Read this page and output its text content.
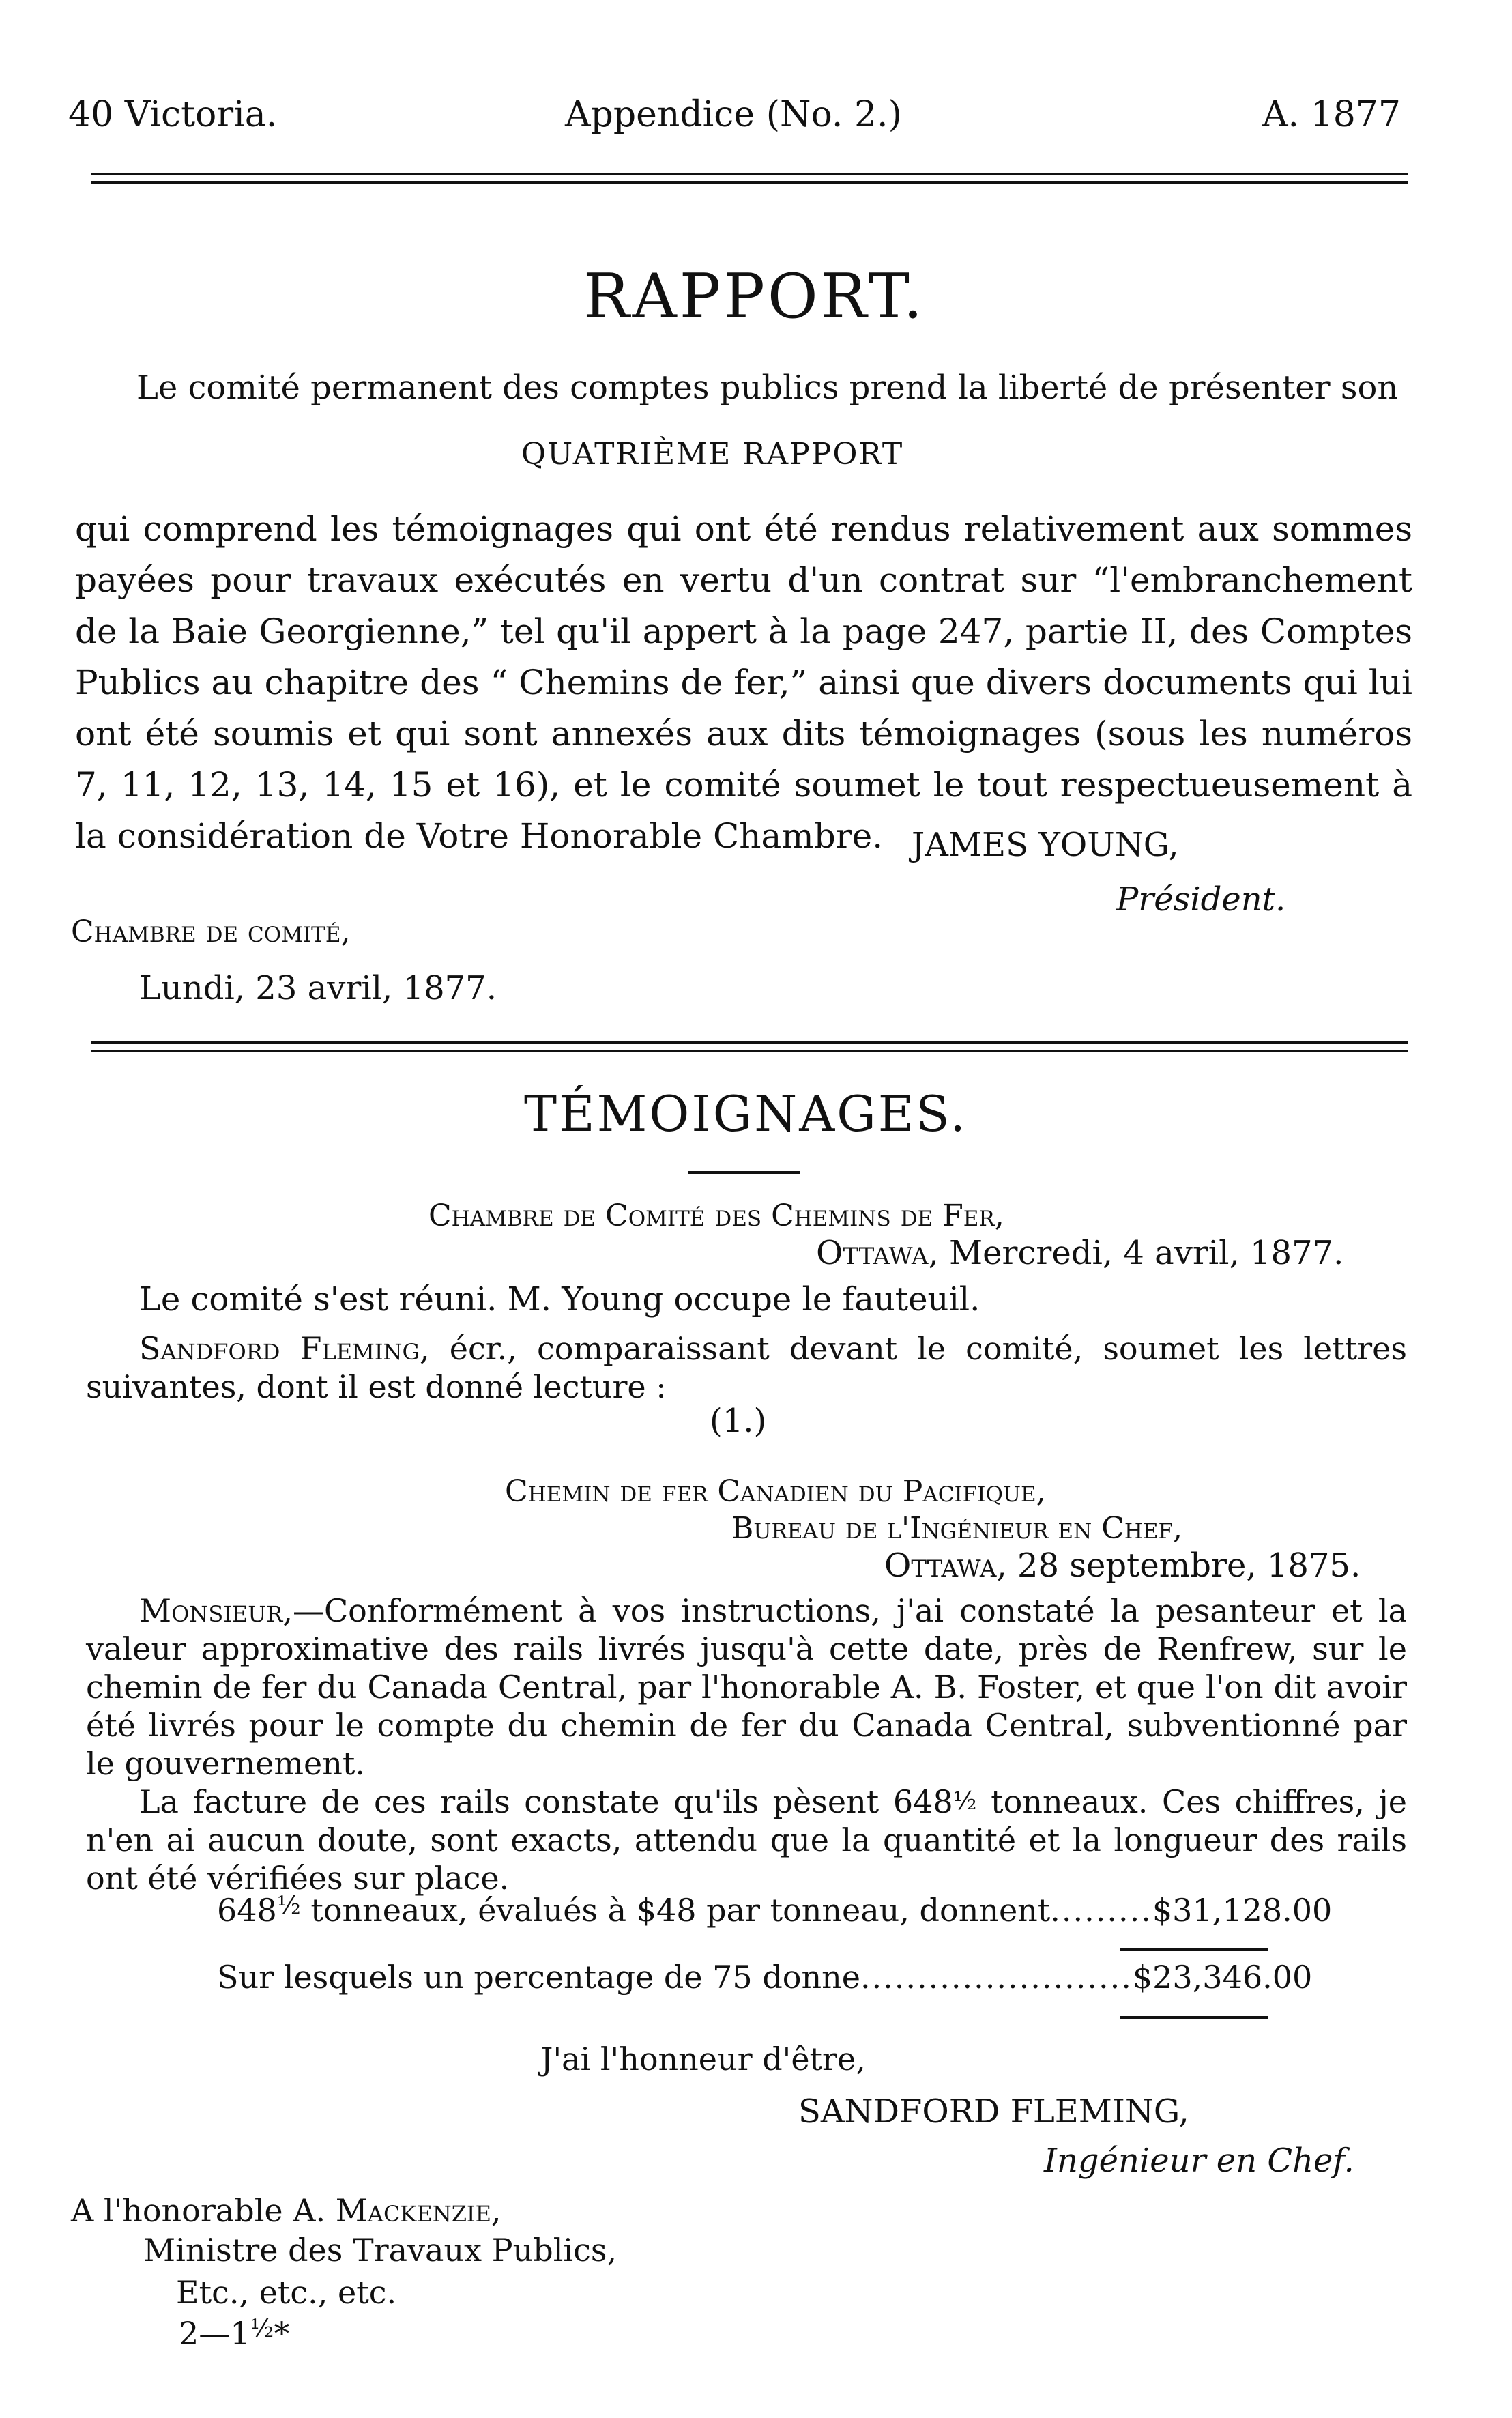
40 Victoria.	Appendice (No. 2.)	A. 1877
RAPPORT.
Le comité permanent des comptes publics prend la liberté de présenter son
QUATRIÈME RAPPORT
qui comprend les témoignages qui ont été rendus relativement aux sommes payées pour travaux exécutés en vertu d'un contrat sur “l'embranchement de la Baie Georgienne,” tel qu'il appert à la page 247, partie II, des Comptes Publics au chapitre des “ Chemins de fer,” ainsi que divers documents qui lui ont été soumis et qui sont annexés aux dits témoignages (sous les numéros 7, 11, 12, 13, 14, 15 et 16), et le comité soumet le tout respectueusement à la considération de Votre Honorable Chambre. JAMES YOUNG,
Président.
Chambre de comité,
Lundi, 23 avril, 1877.
TÉMOIGNAGES.
Chambre de Comité des Chemins de Fer,
Ottawa, Mercredi, 4 avril, 1877.
Le comité s'est réuni. M. Young occupe le fauteuil.
Sandford Fleming, écr., comparaissant devant le comité, soumet les lettres suivantes, dont il est donné lecture :
(1.)
Chemin de fer Canadien du Pacifique,
Bureau de l'Ingénieur en Chef,
Ottawa, 28 septembre, 1875.
Monsieur,—Conformément à vos instructions, j'ai constaté la pesanteur et la valeur approximative des rails livrés jusqu'à cette date, près de Renfrew, sur le chemin de fer du Canada Central, par l'honorable A. B. Foster, et que l'on dit avoir été livrés pour le compte du chemin de fer du Canada Central, subventionné par le gouvernement.
La facture de ces rails constate qu'ils pèsent $648^{\frac{1}{2}}$ tonneaux. Ces chiffres, je n'en ai aucun doute, sont exacts, attendu que la quantité et la longueur des rails ont été vérifiées sur place.
$648^{\frac{1}{2}}$ tonneaux, évalués à $48 par tonneau, donnent.........$31,128.00
Sur lesquels un percentage de 75 donne........................$23,346.00
J'ai l'honneur d'être,
SANDFORD FLEMING,
Ingénieur en Chef.
A l'honorable A. Mackenzie,
Ministre des Travaux Publics,
Etc., etc., etc.
$2—1^{\frac{1}{2}}*$
